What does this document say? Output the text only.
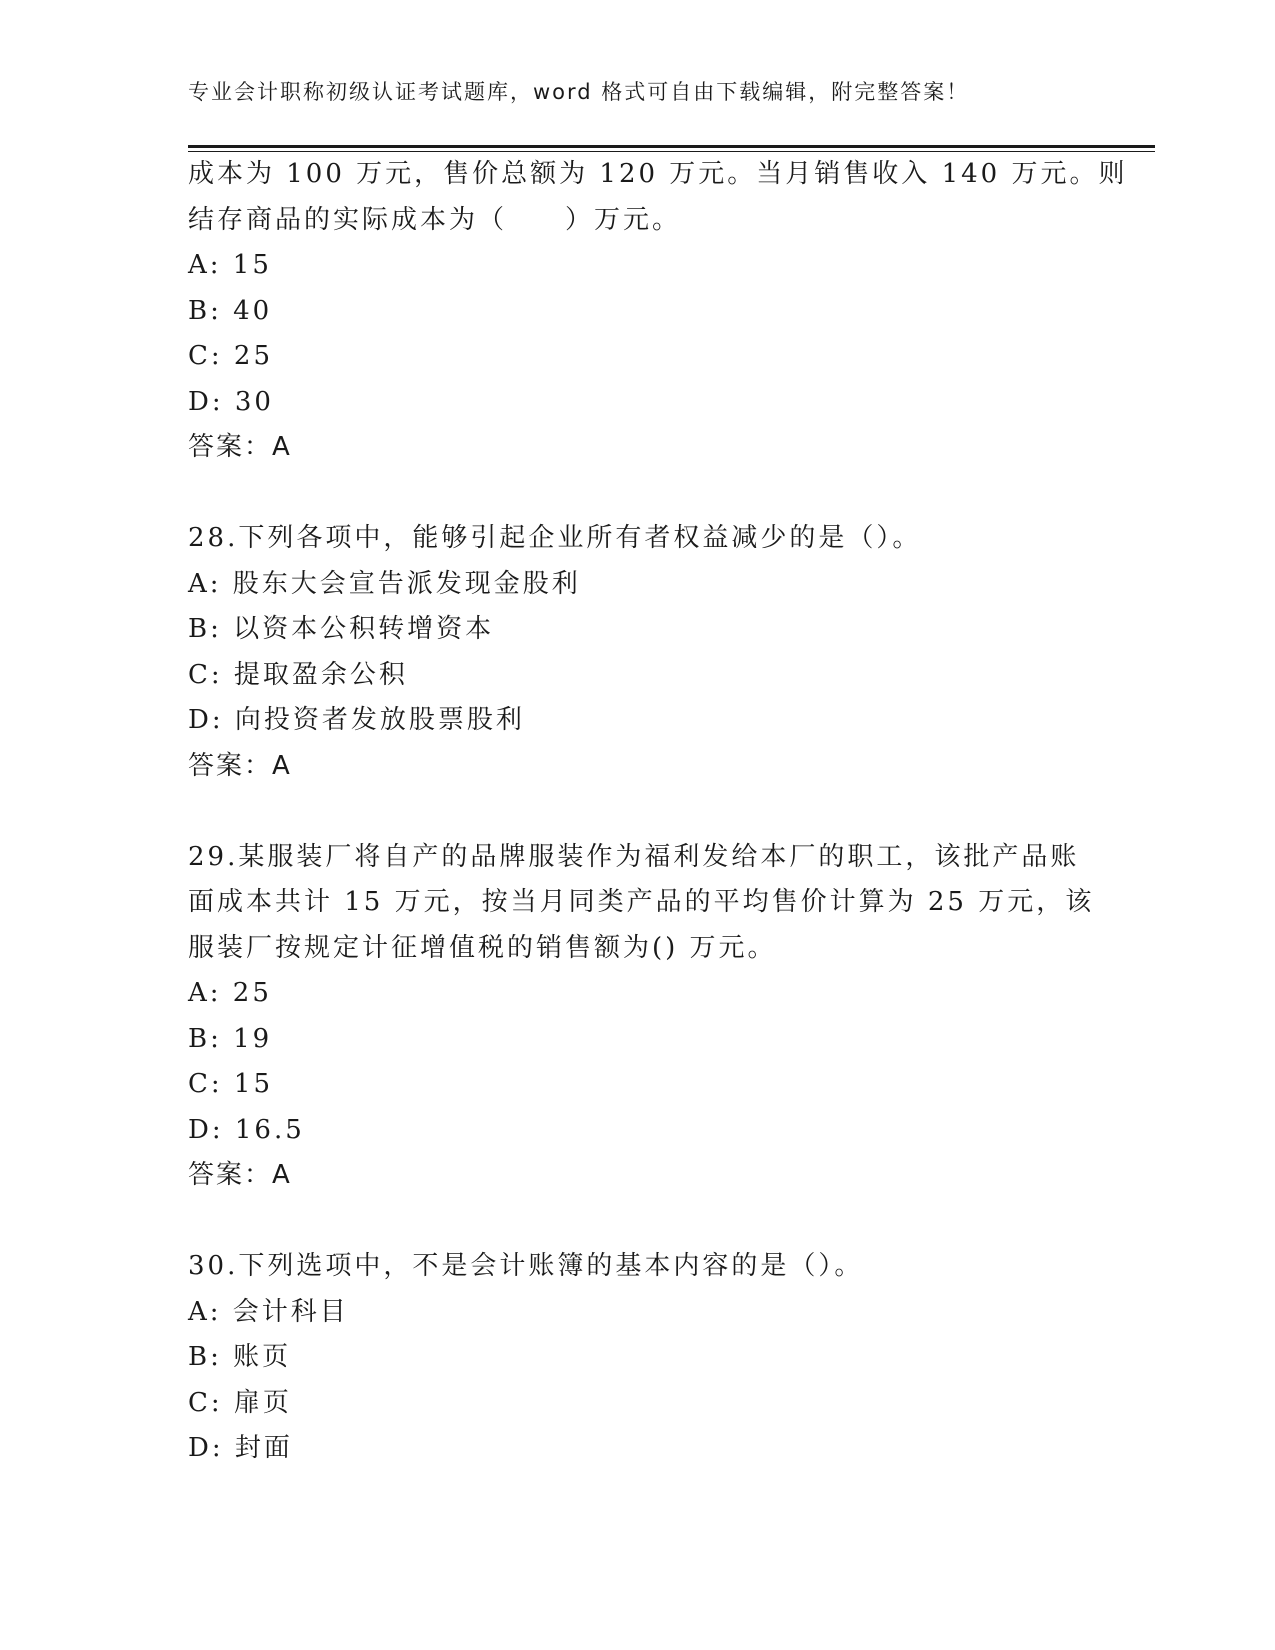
专业会计职称初级认证考试题库，word 格式可自由下载编辑，附完整答案！
成本为 100 万元，售价总额为 120 万元。当月销售收入 140 万元。则
结存商品的实际成本为（　　）万元。
A: 15
B: 40
C: 25
D: 30
答案：A
28.下列各项中，能够引起企业所有者权益减少的是（）。
A: 股东大会宣告派发现金股利
B: 以资本公积转增资本
C: 提取盈余公积
D: 向投资者发放股票股利
答案：A
29.某服装厂将自产的品牌服装作为福利发给本厂的职工，该批产品账
面成本共计 15 万元，按当月同类产品的平均售价计算为 25 万元，该
服装厂按规定计征增值税的销售额为() 万元。
A: 25
B: 19
C: 15
D: 16.5
答案：A
30.下列选项中，不是会计账簿的基本内容的是（）。
A: 会计科目
B: 账页
C: 扉页
D: 封面
